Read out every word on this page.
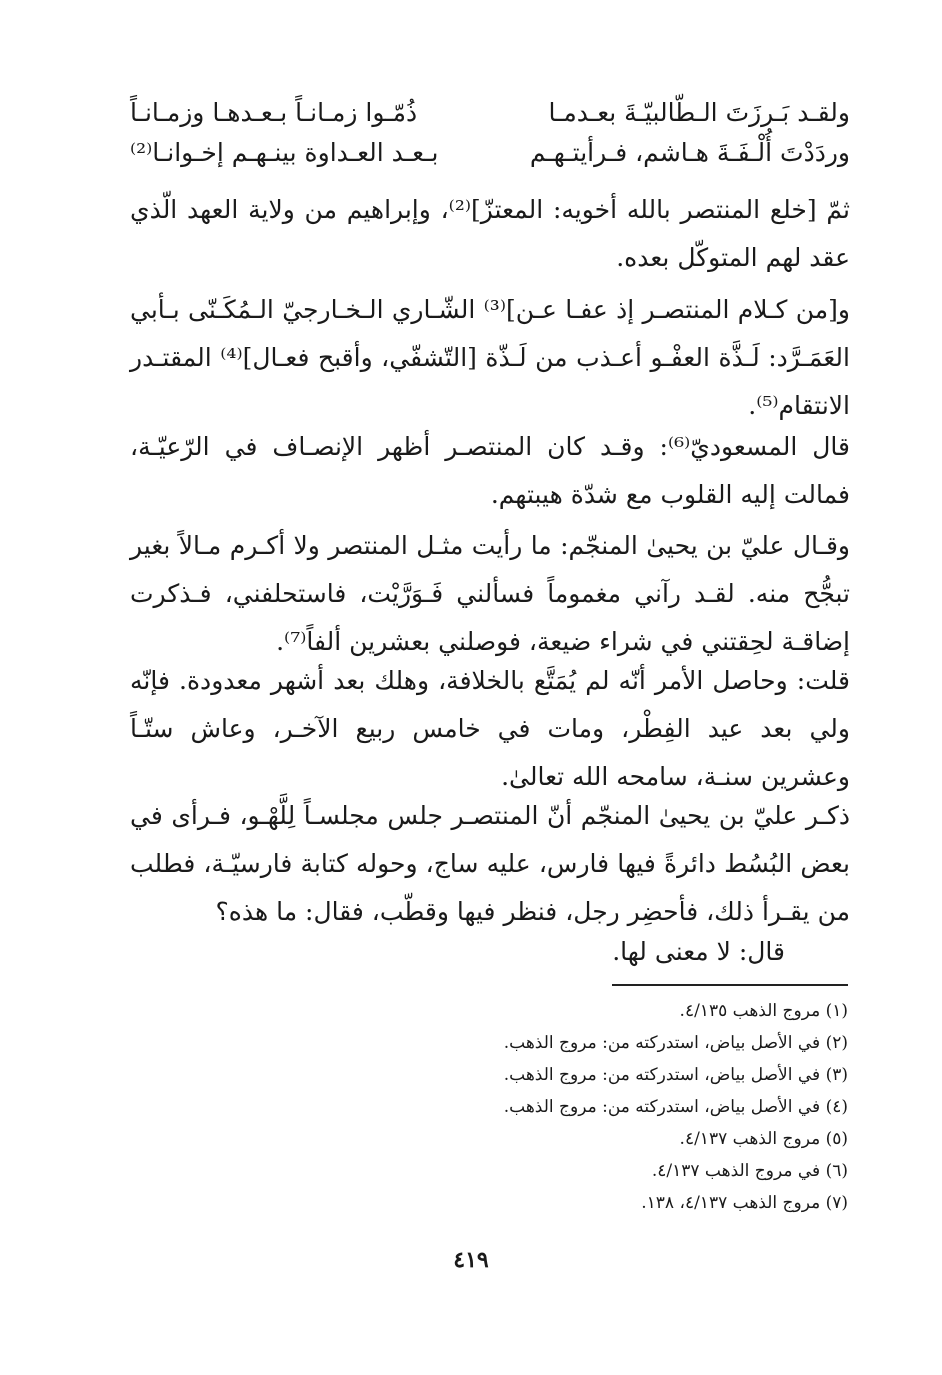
ولقـد بَـرزَتَ الـطّالبيّـةَ بعـدمـا
ذُمّـوا زمـانـاً بـعـدهـا وزمـانـاً
وردَدْتَ أُلْـفَـةَ هـاشم، فـرأيتـهـم
بـعـد العـداوة بينـهـم إخـوانـا⁽²⁾

ثمّ [خلع المنتصر بالله أخويه: المعتزّ]⁽²⁾، وإبراهيم من ولاية العهد الّذي عقد لهم المتوكّل بعده.

و[من كـلام المنتصـر إذ عفـا عـن]⁽³⁾ الشّـاري الـخـارجيّ الـمُكَـنّى بـأبي العَمَـرَّد: لَـذَّة العفْـو أعـذب من لَـذّة [التّشفّي، وأقبح فعـال]⁽⁴⁾ المقتـدر الانتقام⁽⁵⁾.

قال المسعوديّ⁽⁶⁾: وقـد كان المنتصـر أظهر الإنصـاف في الرّعيّـة، فمالت إليه القلوب مع شدّة هيبتهم.

وقـال عليّ بن يحيىٰ المنجّم: ما رأيت مثـل المنتصر ولا أكـرم مـالاً بغير تبجُّح منه. لقـد رآني مغموماً فسألني فَـوَرَّيْت، فاستحلفني، فـذكرت إضاقـة لحِقتني في شراء ضيعة، فوصلني بعشرين ألفاً⁽⁷⁾.

قلت: وحاصل الأمر أنّه لم يُمَتَّع بالخلافة، وهلك بعد أشهر معدودة. فإنّه ولي بعد عيد الفِطْر، ومات في خامس ربيع الآخـر، وعاش ستّـاً وعشرين سنـة، سامحه الله تعالىٰ.

ذكـر عليّ بن يحيىٰ المنجّم أنّ المنتصـر جلس مجلسـاً لِلَّهْـو، فـرأى في بعض البُسُط دائرةً فيها فارس، عليه ساج، وحوله كتابة فارسيّـة، فطلب من يقـرأ ذلك، فأحضِر رجل، فنظر فيها وقطّب، فقال: ما هذه؟

قال: لا معنى لها.

(١) مروج الذهب ٤/١٣٥.
(٢) في الأصل بياض، استدركته من: مروج الذهب.
(٣) في الأصل بياض، استدركته من: مروج الذهب.
(٤) في الأصل بياض، استدركته من: مروج الذهب.
(٥) مروج الذهب ٤/١٣٧.
(٦) في مروج الذهب ٤/١٣٧.
(٧) مروج الذهب ٤/١٣٧، ١٣٨.
٤١٩
